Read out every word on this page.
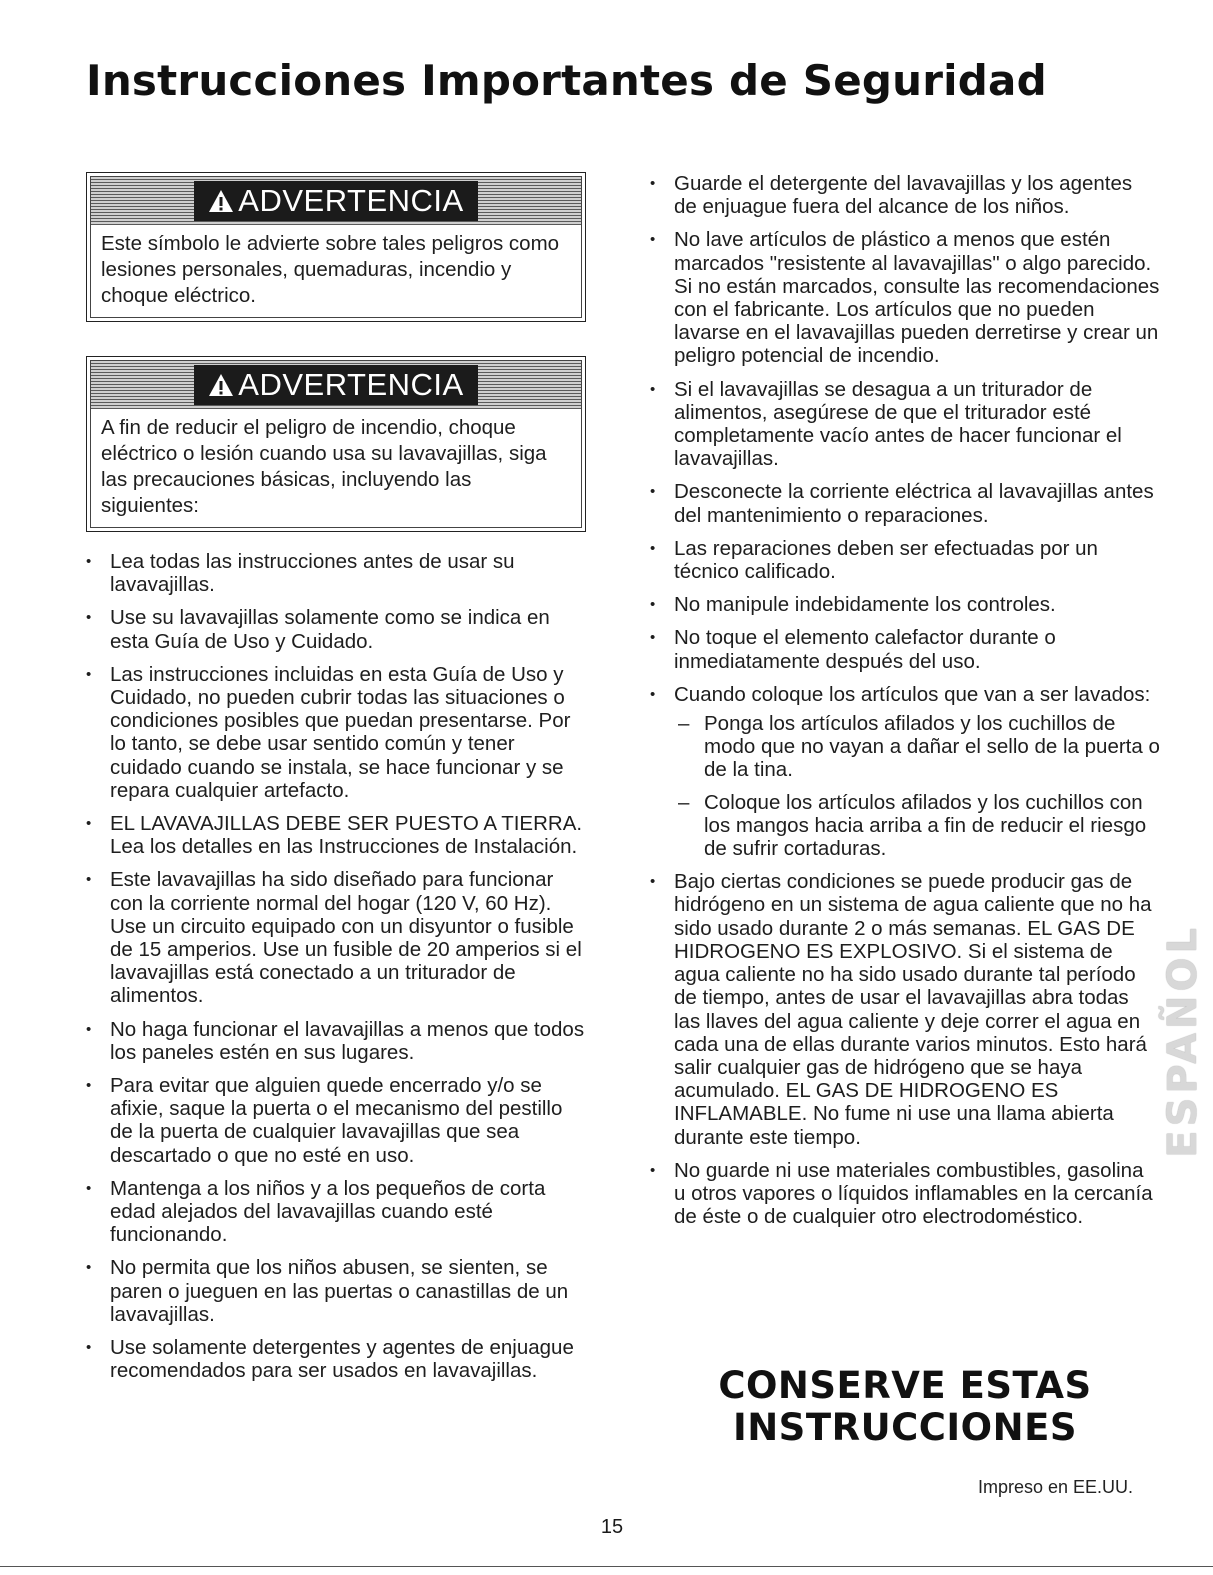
Instrucciones Importantes de Seguridad
ADVERTENCIA
Este símbolo le advierte sobre tales peligros como lesiones personales, quemaduras, incendio y choque eléctrico.
ADVERTENCIA
A fin de reducir el peligro de incendio, choque eléctrico o lesión cuando usa su lavavajillas, siga las precauciones básicas, incluyendo las siguientes:
• Lea todas las instrucciones antes de usar su lavavajillas.
• Use su lavavajillas solamente como se indica en esta Guía de Uso y Cuidado.
• Las instrucciones incluidas en esta Guía de Uso y Cuidado, no pueden cubrir todas las situaciones o condiciones posibles que puedan presentarse. Por lo tanto, se debe usar sentido común y tener cuidado cuando se instala, se hace funcionar y se repara cualquier artefacto.
• EL LAVAVAJILLAS DEBE SER PUESTO A TIERRA. Lea los detalles en las Instrucciones de Instalación.
• Este lavavajillas ha sido diseñado para funcionar con la corriente normal del hogar (120 V, 60 Hz). Use un circuito equipado con un disyuntor o fusible de 15 amperios. Use un fusible de 20 amperios si el lavavajillas está conectado a un triturador de alimentos.
• No haga funcionar el lavavajillas a menos que todos los paneles estén en sus lugares.
• Para evitar que alguien quede encerrado y/o se afixie, saque la puerta o el mecanismo del pestillo de la puerta de cualquier lavavajillas que sea descartado o que no esté en uso.
• Mantenga a los niños y a los pequeños de corta edad alejados del lavavajillas cuando esté funcionando.
• No permita que los niños abusen, se sienten, se paren o jueguen en las puertas o canastillas de un lavavajillas.
• Use solamente detergentes y agentes de enjuague recomendados para ser usados en lavavajillas.
• Guarde el detergente del lavavajillas y los agentes de enjuague fuera del alcance de los niños.
• No lave artículos de plástico a menos que estén marcados "resistente al lavavajillas" o algo parecido. Si no están marcados, consulte las recomendaciones con el fabricante. Los artículos que no pueden lavarse en el lavavajillas pueden derretirse y crear un peligro potencial de incendio.
• Si el lavavajillas se desagua a un triturador de alimentos, asegúrese de que el triturador esté completamente vacío antes de hacer funcionar el lavavajillas.
• Desconecte la corriente eléctrica al lavavajillas antes del mantenimiento o reparaciones.
• Las reparaciones deben ser efectuadas por un técnico calificado.
• No manipule indebidamente los controles.
• No toque el elemento calefactor durante o inmediatamente después del uso.
• Cuando coloque los artículos que van a ser lavados:
– Ponga los artículos afilados y los cuchillos de modo que no vayan a dañar el sello de la puerta o de la tina.
– Coloque los artículos afilados y los cuchillos con los mangos hacia arriba a fin de reducir el riesgo de sufrir cortaduras.
• Bajo ciertas condiciones se puede producir gas de hidrógeno en un sistema de agua caliente que no ha sido usado durante 2 o más semanas. EL GAS DE HIDROGENO ES EXPLOSIVO. Si el sistema de agua caliente no ha sido usado durante tal período de tiempo, antes de usar el lavavajillas abra todas las llaves del agua caliente y deje correr el agua en cada una de ellas durante varios minutos. Esto hará salir cualquier gas de hidrógeno que se haya acumulado. EL GAS DE HIDROGENO ES INFLAMABLE. No fume ni use una llama abierta durante este tiempo.
• No guarde ni use materiales combustibles, gasolina u otros vapores o líquidos inflamables en la cercanía de éste o de cualquier otro electrodoméstico.
CONSERVE ESTAS
INSTRUCCIONES
ESPAÑOL
Impreso en EE.UU.
15
